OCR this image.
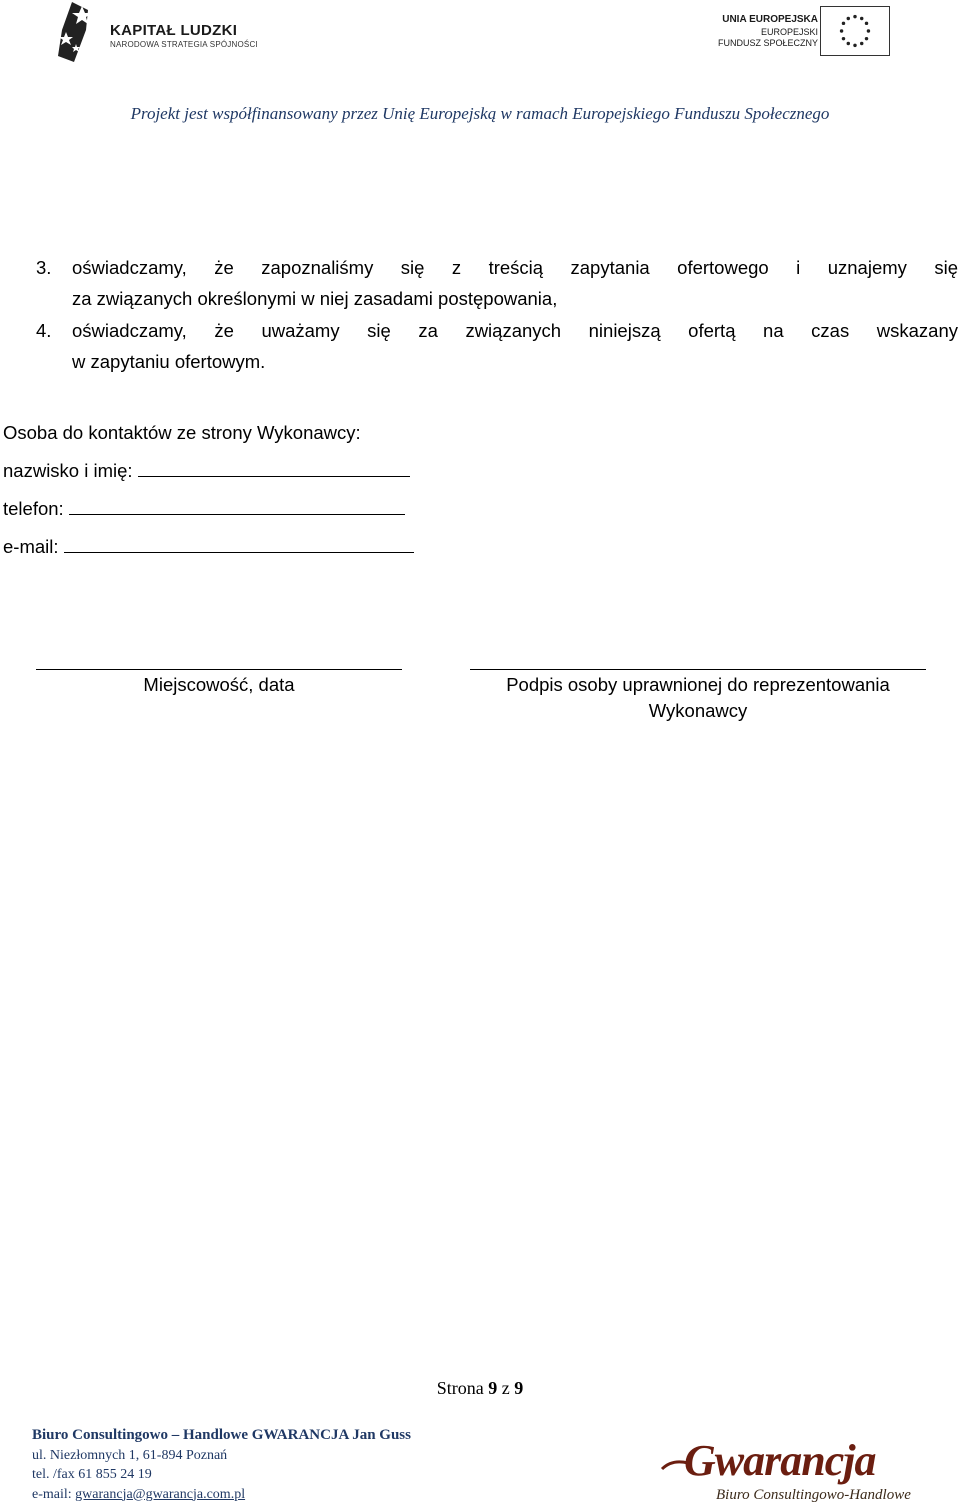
KAPITAŁ LUDZKI
NARODOWA STRATEGIA SPÓJNOŚCI
UNIA EUROPEJSKA
EUROPEJSKI
FUNDUSZ SPOŁECZNY
Projekt jest współfinansowany przez Unię Europejską w ramach Europejskiego Funduszu Społecznego
3. oświadczamy, że zapoznaliśmy się z treścią zapytania ofertowego i uznajemy się
za związanych określonymi w niej zasadami postępowania,
4. oświadczamy, że uważamy się za związanych niniejszą ofertą na czas wskazany
w zapytaniu ofertowym.
Osoba do kontaktów ze strony Wykonawcy:
nazwisko i imię:
telefon:
e-mail:
Miejscowość, data	Podpis osoby uprawnionej do reprezentowania
Wykonawcy
Strona 9 z 9
Biuro Consultingowo – Handlowe GWARANCJA Jan Guss
ul. Niezłomnych 1, 61-894 Poznań
tel. /fax 61 855 24 19
e-mail: gwarancja@gwarancja.com.pl
Gwarancja
Biuro Consultingowo-Handlowe
